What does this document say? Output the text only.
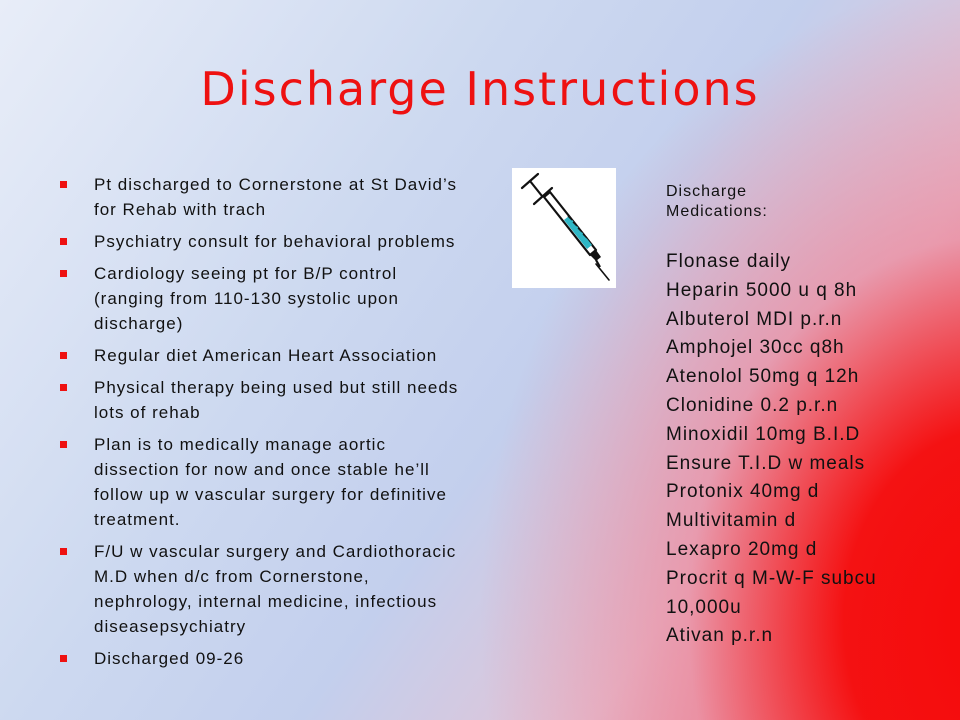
Discharge Instructions
Pt discharged to Cornerstone at St David’s for Rehab with trach
Psychiatry consult for behavioral problems
Cardiology seeing pt for B/P control (ranging from 110-130 systolic upon discharge)
Regular diet American Heart Association
Physical therapy being used but still needs lots of rehab
Plan is to medically manage aortic dissection for now and once stable he’ll follow up w vascular surgery for definitive treatment.
F/U w vascular surgery and Cardiothoracic M.D when d/c from Cornerstone, nephrology, internal medicine, infectious diseasepsychiatry
Discharged 09-26
Discharge
Medications:
Flonase daily
Heparin 5000 u q 8h
Albuterol MDI p.r.n
Amphojel 30cc q8h
Atenolol 50mg q 12h
Clonidine 0.2 p.r.n
Minoxidil 10mg B.I.D
Ensure T.I.D w meals
Protonix 40mg d
Multivitamin d
Lexapro 20mg d
Procrit q M-W-F subcu
10,000u
Ativan p.r.n
